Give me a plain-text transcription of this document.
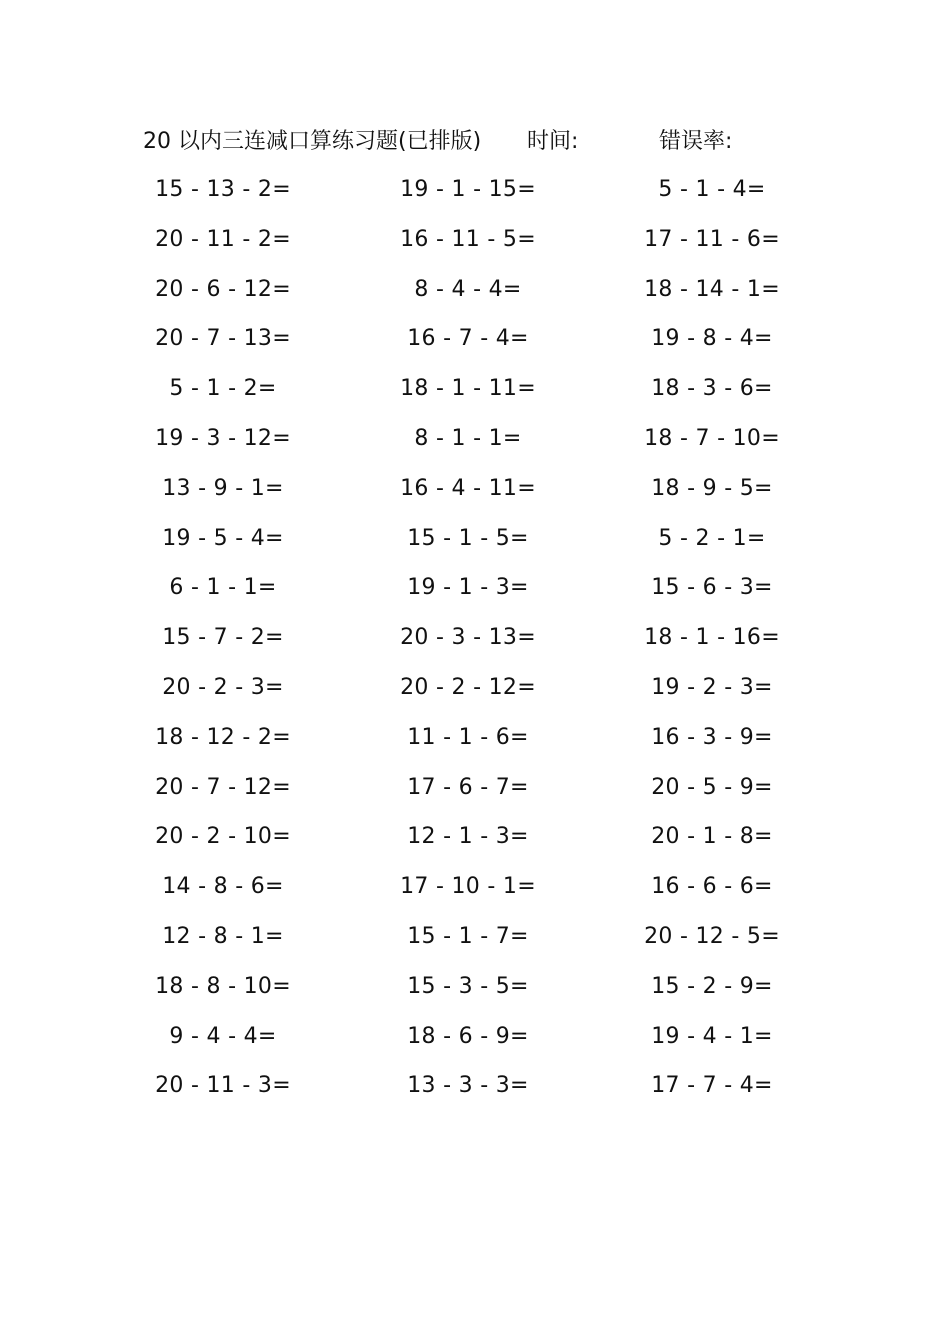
20 以内三连减口算练习题(已排版) 时间:	错误率:
15 - 13 - 2=	19 - 1 - 15=	5 - 1 - 4=
20 - 11 - 2=	16 - 11 - 5=	17 - 11 - 6=
20 - 6 - 12=	8 - 4 - 4=	18 - 14 - 1=
20 - 7 - 13=	16 - 7 - 4=	19 - 8 - 4=
5 - 1 - 2=	18 - 1 - 11=	18 - 3 - 6=
19 - 3 - 12=	8 - 1 - 1=	18 - 7 - 10=
13 - 9 - 1=	16 - 4 - 11=	18 - 9 - 5=
19 - 5 - 4=	15 - 1 - 5=	5 - 2 - 1=
6 - 1 - 1=	19 - 1 - 3=	15 - 6 - 3=
15 - 7 - 2=	20 - 3 - 13=	18 - 1 - 16=
20 - 2 - 3=	20 - 2 - 12=	19 - 2 - 3=
18 - 12 - 2=	11 - 1 - 6=	16 - 3 - 9=
20 - 7 - 12=	17 - 6 - 7=	20 - 5 - 9=
20 - 2 - 10=	12 - 1 - 3=	20 - 1 - 8=
14 - 8 - 6=	17 - 10 - 1=	16 - 6 - 6=
12 - 8 - 1=	15 - 1 - 7=	20 - 12 - 5=
18 - 8 - 10=	15 - 3 - 5=	15 - 2 - 9=
9 - 4 - 4=	18 - 6 - 9=	19 - 4 - 1=
20 - 11 - 3=	13 - 3 - 3=	17 - 7 - 4=
